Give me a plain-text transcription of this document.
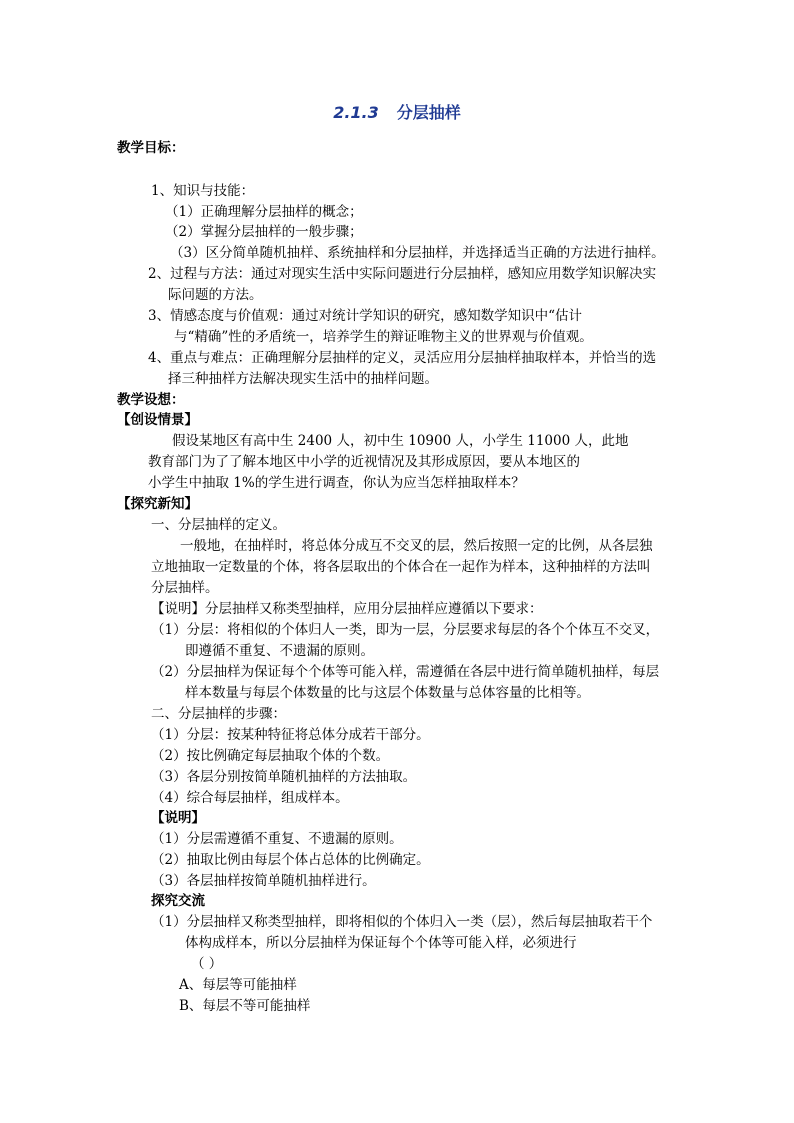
2.1.3 分层抽样
教学目标：
1、知识与技能：
（1）正确理解分层抽样的概念；
（2）掌握分层抽样的一般步骤；
（3）区分简单随机抽样、系统抽样和分层抽样，并选择适当正确的方法进行抽样。
2、过程与方法：通过对现实生活中实际问题进行分层抽样，感知应用数学知识解决实
际问题的方法。
3、情感态度与价值观：通过对统计学知识的研究，感知数学知识中“估计
与“精确”性的矛盾统一，培养学生的辩证唯物主义的世界观与价值观。
4、重点与难点：正确理解分层抽样的定义，灵活应用分层抽样抽取样本，并恰当的选
择三种抽样方法解决现实生活中的抽样问题。
教学设想：
【创设情景】
假设某地区有高中生 2400 人，初中生 10900 人，小学生 11000 人，此地
教育部门为了了解本地区中小学的近视情况及其形成原因，要从本地区的
小学生中抽取 1%的学生进行调查，你认为应当怎样抽取样本？
【探究新知】
一、分层抽样的定义。
一般地，在抽样时，将总体分成互不交叉的层，然后按照一定的比例，从各层独
立地抽取一定数量的个体，将各层取出的个体合在一起作为样本，这种抽样的方法叫
分层抽样。
【说明】分层抽样又称类型抽样，应用分层抽样应遵循以下要求：
（1）分层：将相似的个体归人一类，即为一层，分层要求每层的各个个体互不交叉，
即遵循不重复、不遗漏的原则。
（2）分层抽样为保证每个个体等可能入样，需遵循在各层中进行简单随机抽样，每层
样本数量与每层个体数量的比与这层个体数量与总体容量的比相等。
二、分层抽样的步骤：
（1）分层：按某种特征将总体分成若干部分。
（2）按比例确定每层抽取个体的个数。
（3）各层分别按简单随机抽样的方法抽取。
（4）综合每层抽样，组成样本。
【说明】
（1）分层需遵循不重复、不遗漏的原则。
（2）抽取比例由每层个体占总体的比例确定。
（3）各层抽样按简单随机抽样进行。
探究交流
（1）分层抽样又称类型抽样，即将相似的个体归入一类（层），然后每层抽取若干个
体构成样本，所以分层抽样为保证每个个体等可能入样，必须进行
（ ）
A、每层等可能抽样
B、每层不等可能抽样
